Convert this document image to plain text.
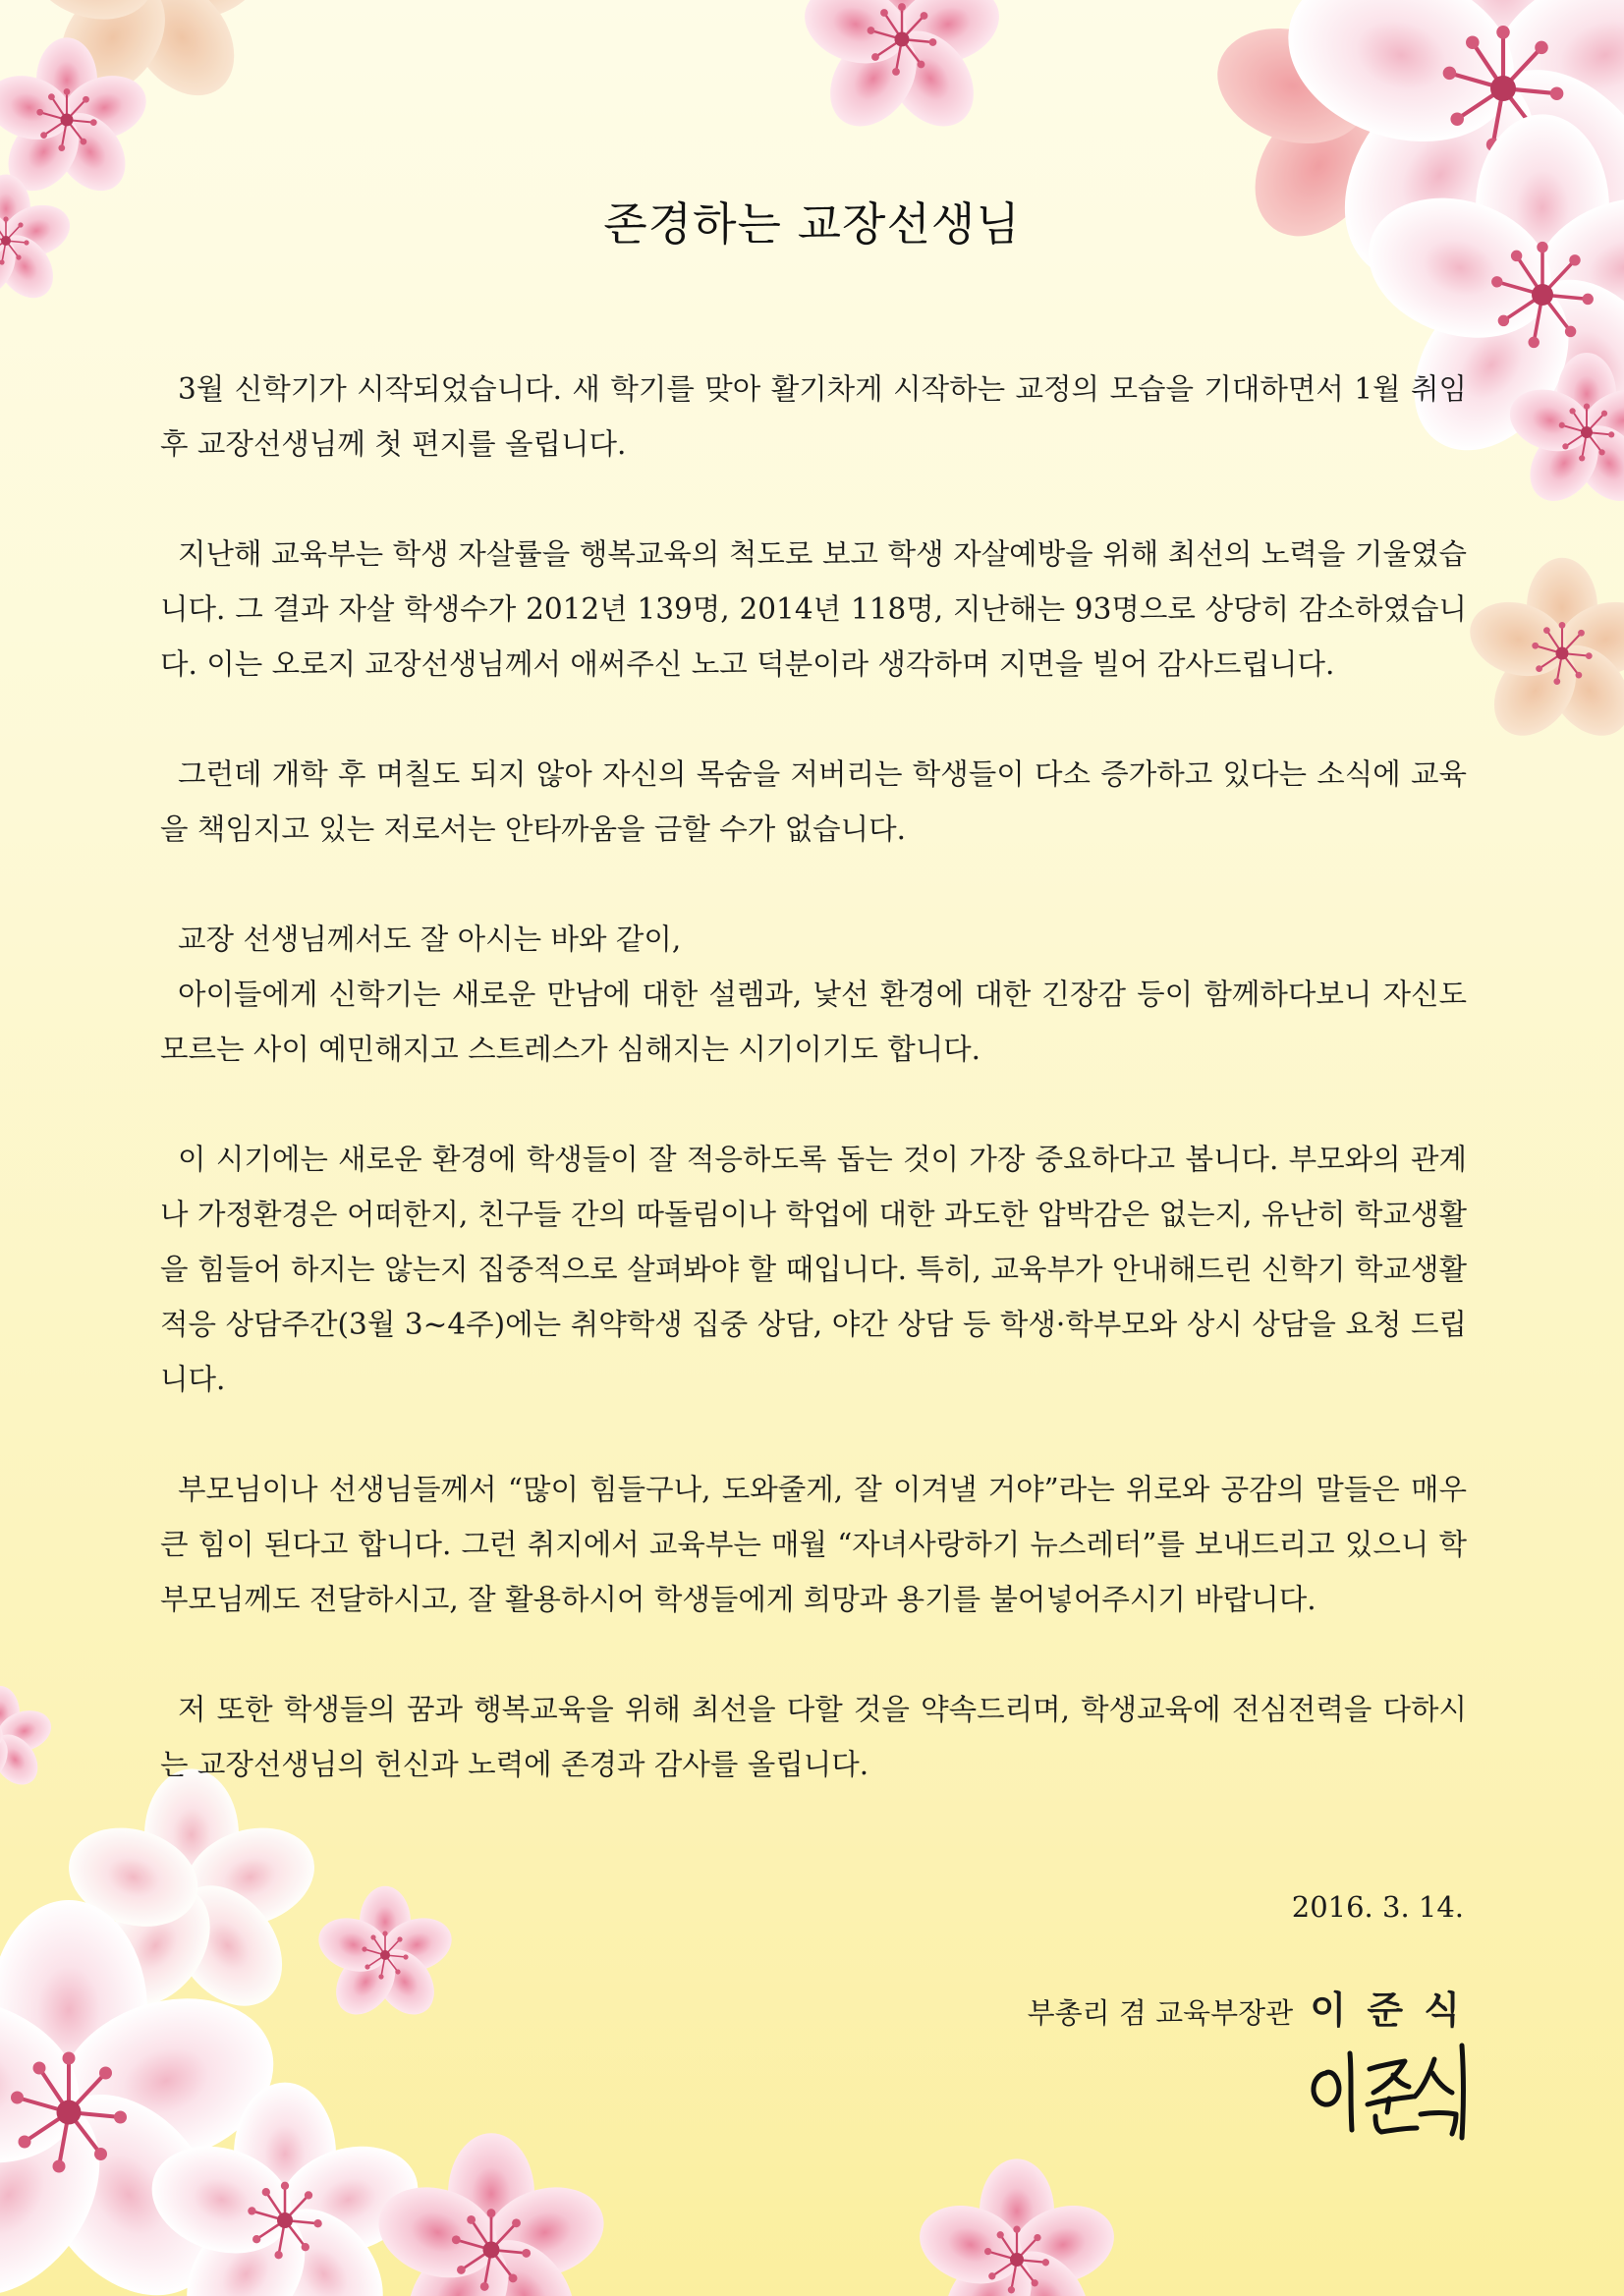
존경하는 교장선생님

3월 신학기가 시작되었습니다. 새 학기를 맞아 활기차게 시작하는 교정의 모습을 기대하면서 1월 취임 후 교장선생님께 첫 편지를 올립니다.

지난해 교육부는 학생 자살률을 행복교육의 척도로 보고 학생 자살예방을 위해 최선의 노력을 기울였습니다. 그 결과 자살 학생수가 2012년 139명, 2014년 118명, 지난해는 93명으로 상당히 감소하였습니다. 이는 오로지 교장선생님께서 애써주신 노고 덕분이라 생각하며 지면을 빌어 감사드립니다.

그런데 개학 후 며칠도 되지 않아 자신의 목숨을 저버리는 학생들이 다소 증가하고 있다는 소식에 교육을 책임지고 있는 저로서는 안타까움을 금할 수가 없습니다.

교장 선생님께서도 잘 아시는 바와 같이,

아이들에게 신학기는 새로운 만남에 대한 설렘과, 낯선 환경에 대한 긴장감 등이 함께하다보니 자신도 모르는 사이 예민해지고 스트레스가 심해지는 시기이기도 합니다.

이 시기에는 새로운 환경에 학생들이 잘 적응하도록 돕는 것이 가장 중요하다고 봅니다. 부모와의 관계나 가정환경은 어떠한지, 친구들 간의 따돌림이나 학업에 대한 과도한 압박감은 없는지, 유난히 학교생활을 힘들어 하지는 않는지 집중적으로 살펴봐야 할 때입니다. 특히, 교육부가 안내해드린 신학기 학교생활 적응 상담주간(3월 3~4주)에는 취약학생 집중 상담, 야간 상담 등 학생·학부모와 상시 상담을 요청 드립니다.

부모님이나 선생님들께서 “많이 힘들구나, 도와줄게, 잘 이겨낼 거야”라는 위로와 공감의 말들은 매우 큰 힘이 된다고 합니다. 그런 취지에서 교육부는 매월 “자녀사랑하기 뉴스레터”를 보내드리고 있으니 학부모님께도 전달하시고, 잘 활용하시어 학생들에게 희망과 용기를 불어넣어주시기 바랍니다.

저 또한 학생들의 꿈과 행복교육을 위해 최선을 다할 것을 약속드리며, 학생교육에 전심전력을 다하시는 교장선생님의 헌신과 노력에 존경과 감사를 올립니다.

2016. 3. 14.
부총리 겸 교육부장관 이 준 식
